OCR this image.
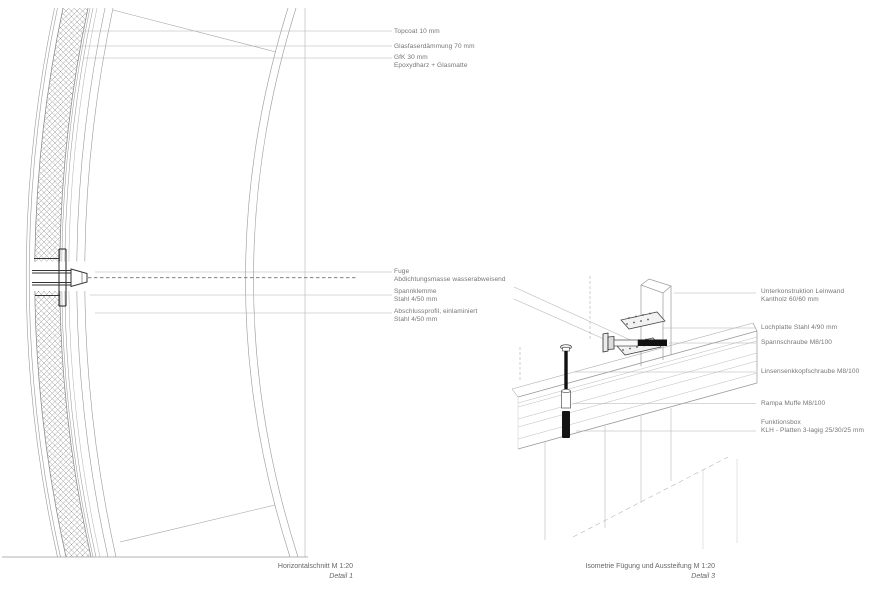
Topcoat 10 mm
Glasfaserdämmung 70 mm
GfK 30 mm
Epoxydharz + Glasmatte
Fuge
Abdichtungsmasse wasserabweisend
Spannklemme
Stahl 4/50 mm
Abschlussprofil, einlaminiert
Stahl 4/50 mm
Unterkonstruktion Leinwand
Kantholz 60/60 mm
Lochplatte Stahl 4/90 mm
Spannschraube M8/100
Linsensenkkopfschraube M8/100
Rampa Muffe M8/100
Funktionsbox
KLH - Platten 3-lagig 25/30/25 mm
Horizontalschnitt M 1:20
Detail 1
Isometrie Fügung und Aussteifung M 1:20
Detail 3
